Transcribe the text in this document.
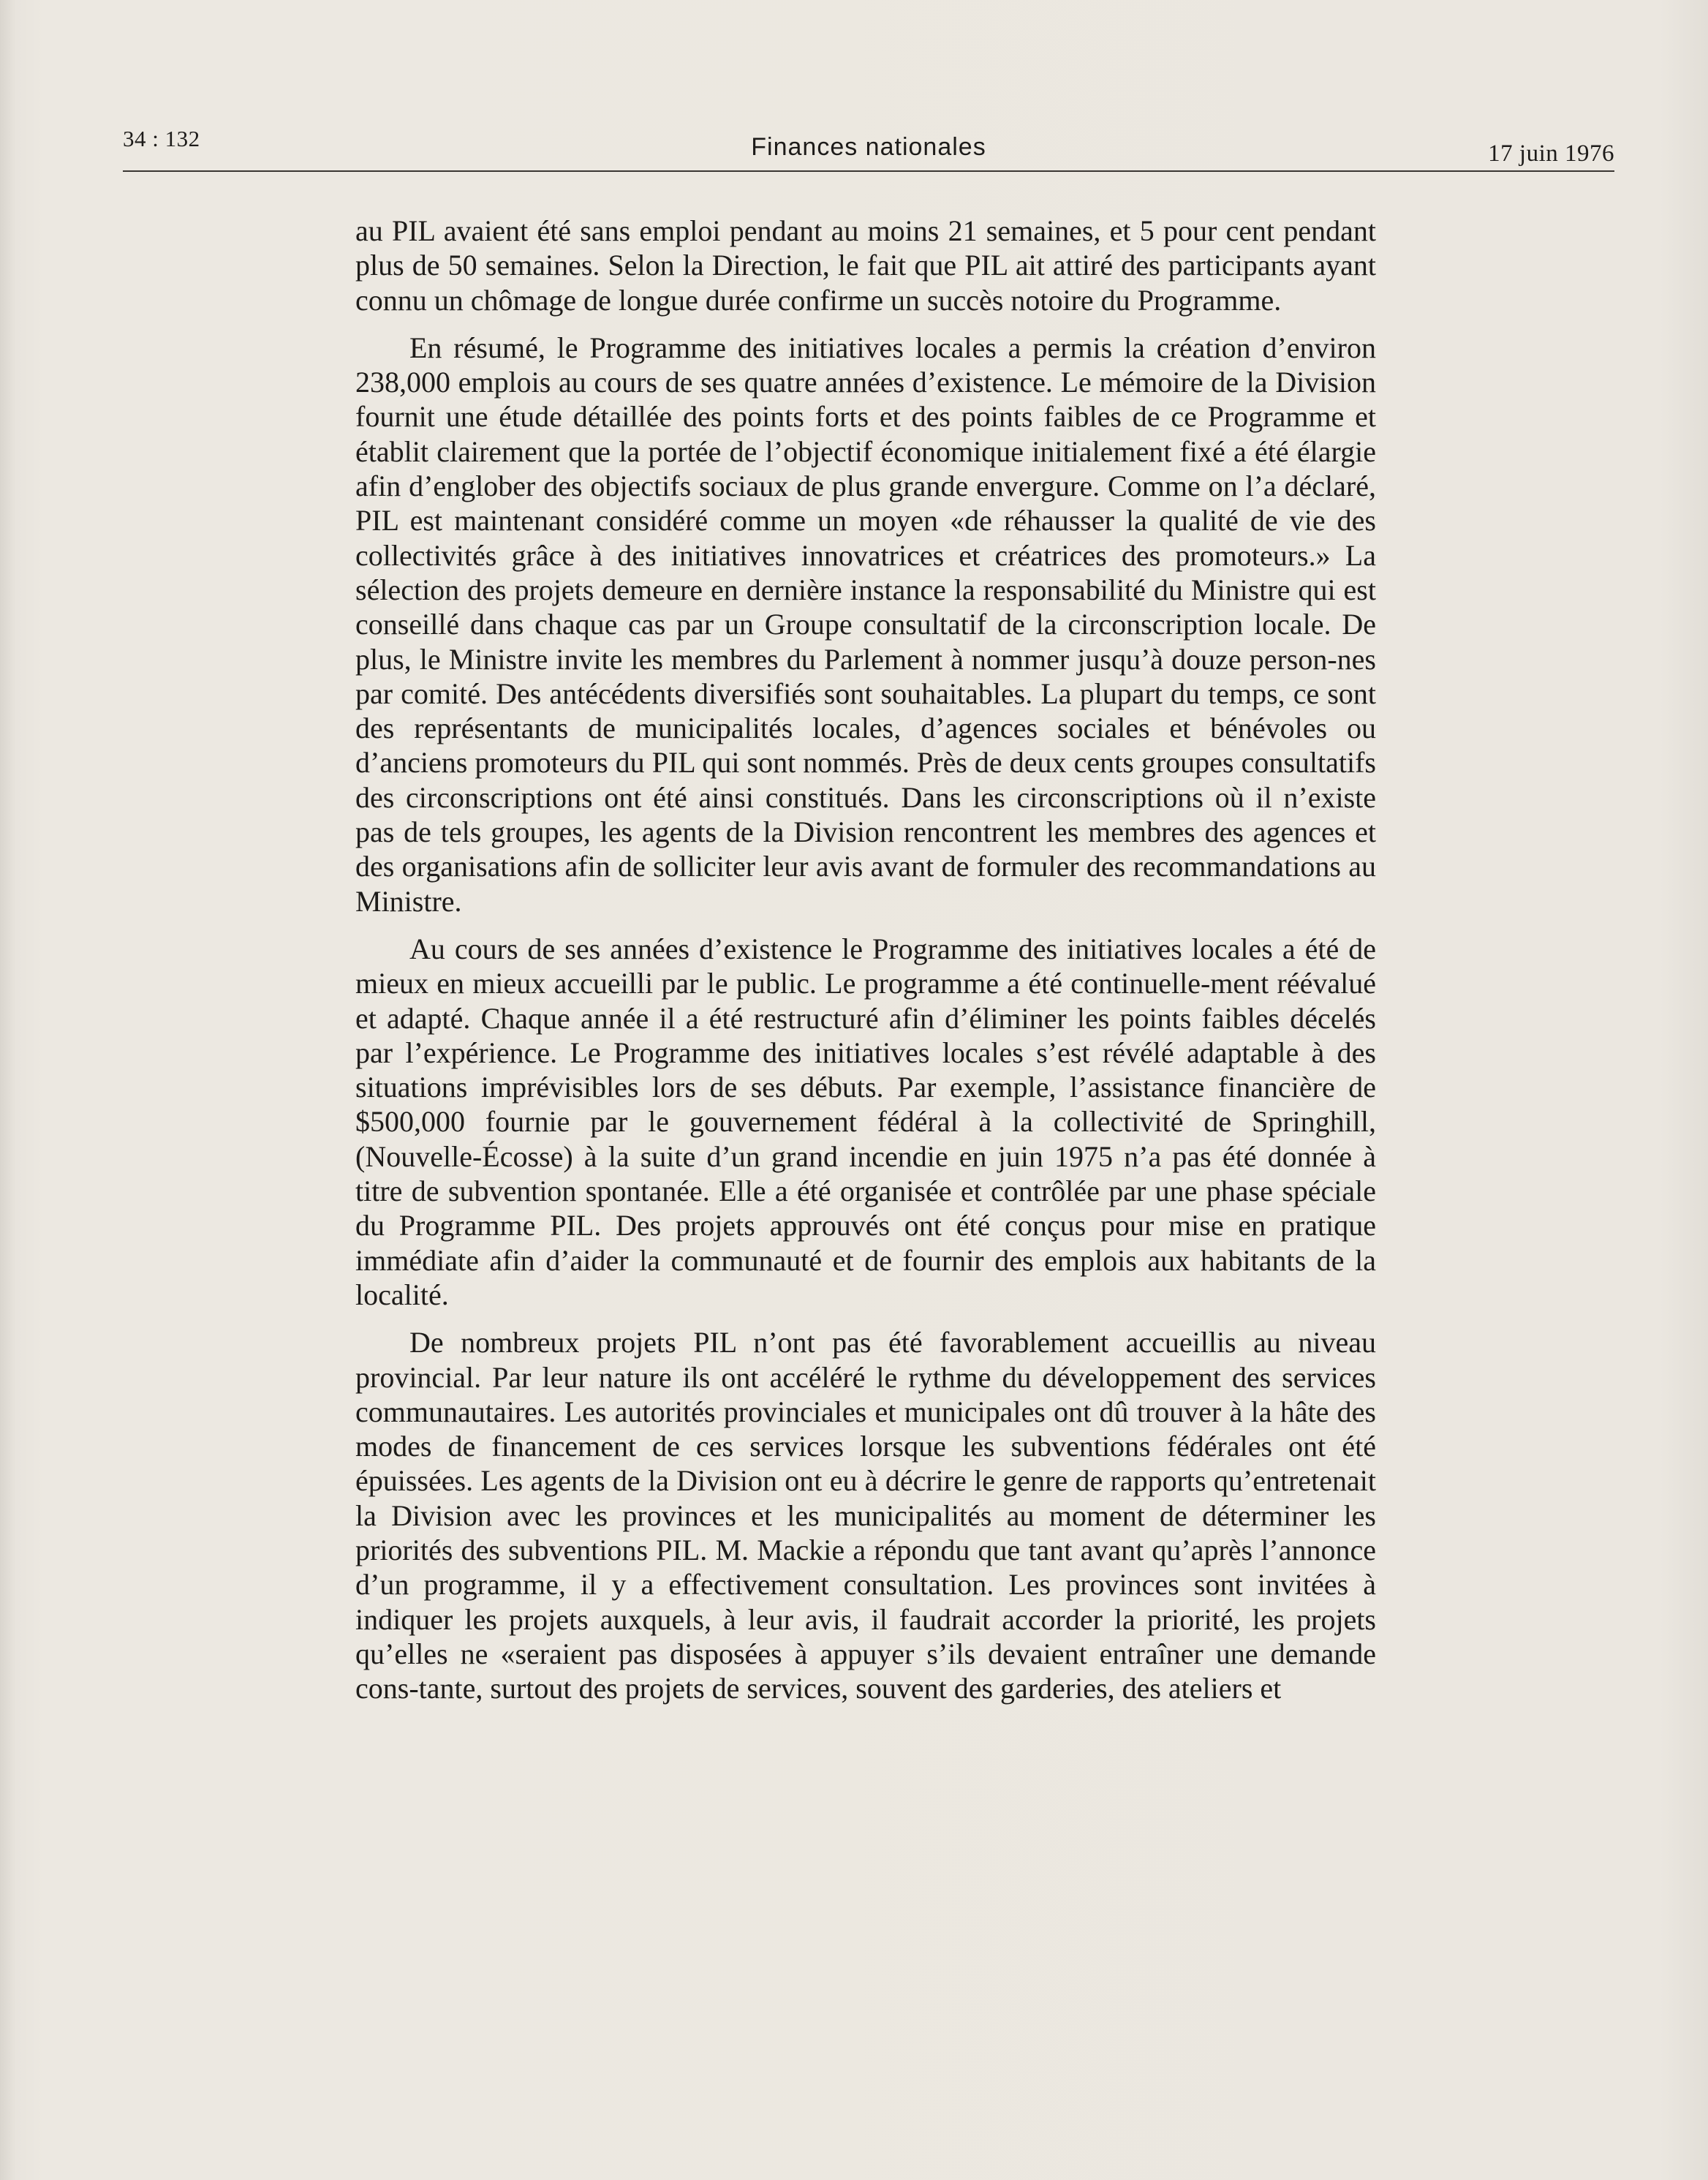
34 : 132	Finances nationales	17 juin 1976

au PIL avaient été sans emploi pendant au moins 21 semaines, et 5 pour cent pendant plus de 50 semaines. Selon la Direction, le fait que PIL ait attiré des participants ayant connu un chômage de longue durée confirme un succès notoire du Programme.

En résumé, le Programme des initiatives locales a permis la création d’environ 238,000 emplois au cours de ses quatre années d’existence. Le mémoire de la Division fournit une étude détaillée des points forts et des points faibles de ce Programme et établit clairement que la portée de l’objectif économique initialement fixé a été élargie afin d’englober des objectifs sociaux de plus grande envergure. Comme on l’a déclaré, PIL est maintenant considéré comme un moyen «de réhausser la qualité de vie des collectivités grâce à des initiatives innovatrices et créatrices des promoteurs.» La sélection des projets demeure en dernière instance la responsabilité du Ministre qui est conseillé dans chaque cas par un Groupe consultatif de la circonscription locale. De plus, le Ministre invite les membres du Parlement à nommer jusqu’à douze person-nes par comité. Des antécédents diversifiés sont souhaitables. La plupart du temps, ce sont des représentants de municipalités locales, d’agences sociales et bénévoles ou d’anciens promoteurs du PIL qui sont nommés. Près de deux cents groupes consultatifs des circonscriptions ont été ainsi constitués. Dans les circonscriptions où il n’existe pas de tels groupes, les agents de la Division rencontrent les membres des agences et des organisations afin de solliciter leur avis avant de formuler des recommandations au Ministre.

Au cours de ses années d’existence le Programme des initiatives locales a été de mieux en mieux accueilli par le public. Le programme a été continuelle-ment réévalué et adapté. Chaque année il a été restructuré afin d’éliminer les points faibles décelés par l’expérience. Le Programme des initiatives locales s’est révélé adaptable à des situations imprévisibles lors de ses débuts. Par exemple, l’assistance financière de $500,000 fournie par le gouvernement fédéral à la collectivité de Springhill, (Nouvelle-Écosse) à la suite d’un grand incendie en juin 1975 n’a pas été donnée à titre de subvention spontanée. Elle a été organisée et contrôlée par une phase spéciale du Programme PIL. Des projets approuvés ont été conçus pour mise en pratique immédiate afin d’aider la communauté et de fournir des emplois aux habitants de la localité.

De nombreux projets PIL n’ont pas été favorablement accueillis au niveau provincial. Par leur nature ils ont accéléré le rythme du développement des services communautaires. Les autorités provinciales et municipales ont dû trouver à la hâte des modes de financement de ces services lorsque les subventions fédérales ont été épuissées. Les agents de la Division ont eu à décrire le genre de rapports qu’entretenait la Division avec les provinces et les municipalités au moment de déterminer les priorités des subventions PIL. M. Mackie a répondu que tant avant qu’après l’annonce d’un programme, il y a effectivement consultation. Les provinces sont invitées à indiquer les projets auxquels, à leur avis, il faudrait accorder la priorité, les projets qu’elles ne «seraient pas disposées à appuyer s’ils devaient entraîner une demande cons-tante, surtout des projets de services, souvent des garderies, des ateliers et
